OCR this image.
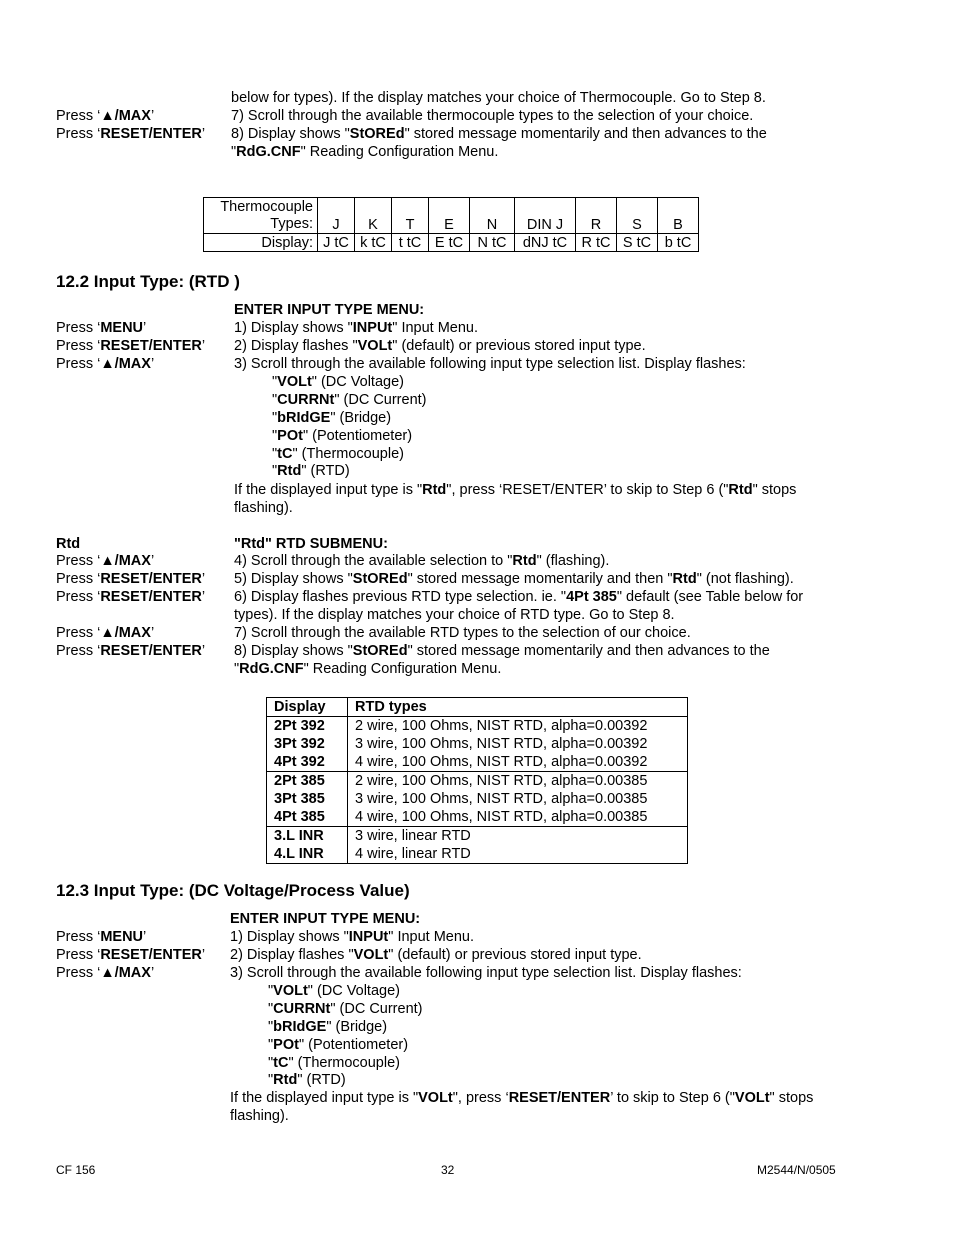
below for types). If the display matches your choice of Thermocouple. Go to Step 8.
Press ‘▲/MAX’	7) Scroll through the available thermocouple types to the selection of your choice.
Press ‘RESET/ENTER’ 8) Display shows "StOREd" stored message momentarily and then advances to the
"RdG.CNF" Reading Configuration Menu.
Thermocouple
Types:	J	K	T	E	N	DIN J	R	S	B
Display:	J tC	k tC	t tC	E tC	N tC	dNJ tC	R tC	S tC	b tC
12.2 Input Type: (RTD )
ENTER INPUT TYPE MENU:
Press ‘MENU’	1) Display shows "INPUt" Input Menu.
Press ‘RESET/ENTER’ 2) Display flashes "VOLt" (default) or previous stored input type.
Press ‘▲/MAX’	3) Scroll through the available following input type selection list. Display flashes:
"VOLt" (DC Voltage)
"CURRNt" (DC Current)
"bRIdGE" (Bridge)
"POt" (Potentiometer)
"tC" (Thermocouple)
"Rtd" (RTD)
If the displayed input type is "Rtd", press ‘RESET/ENTER’ to skip to Step 6 ("Rtd" stops
flashing).
Rtd	"Rtd" RTD SUBMENU:
Press ‘▲/MAX’	4) Scroll through the available selection to "Rtd" (flashing).
Press ‘RESET/ENTER’ 5) Display shows "StOREd" stored message momentarily and then "Rtd" (not flashing).
Press ‘RESET/ENTER’ 6) Display flashes previous RTD type selection. ie. "4Pt 385" default (see Table below for
types). If the display matches your choice of RTD type. Go to Step 8.
Press ‘▲/MAX’	7) Scroll through the available RTD types to the selection of our choice.
Press ‘RESET/ENTER’ 8) Display shows "StOREd" stored message momentarily and then advances to the
"RdG.CNF" Reading Configuration Menu.
Display	RTD types
2Pt 392	2 wire, 100 Ohms, NIST RTD, alpha=0.00392
3Pt 392	3 wire, 100 Ohms, NIST RTD, alpha=0.00392
4Pt 392	4 wire, 100 Ohms, NIST RTD, alpha=0.00392
2Pt 385	2 wire, 100 Ohms, NIST RTD, alpha=0.00385
3Pt 385	3 wire, 100 Ohms, NIST RTD, alpha=0.00385
4Pt 385	4 wire, 100 Ohms, NIST RTD, alpha=0.00385
3.L INR	3 wire, linear RTD
4.L INR	4 wire, linear RTD
12.3 Input Type: (DC Voltage/Process Value)
ENTER INPUT TYPE MENU:
Press ‘MENU’	1) Display shows "INPUt" Input Menu.
Press ‘RESET/ENTER’ 2) Display flashes "VOLt" (default) or previous stored input type.
Press ‘▲/MAX’	3) Scroll through the available following input type selection list. Display flashes:
"VOLt" (DC Voltage)
"CURRNt" (DC Current)
"bRIdGE" (Bridge)
"POt" (Potentiometer)
"tC" (Thermocouple)
"Rtd" (RTD)
If the displayed input type is "VOLt", press ‘RESET/ENTER’ to skip to Step 6 ("VOLt" stops
flashing).
CF 156	32	M2544/N/0505
